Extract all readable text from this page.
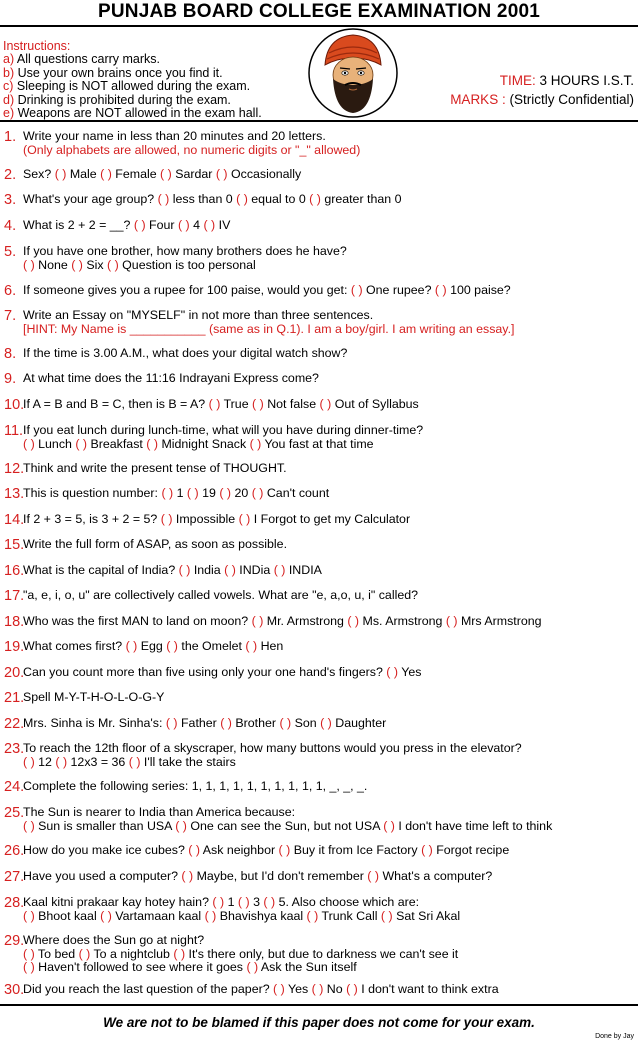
PUNJAB BOARD COLLEGE EXAMINATION 2001
Instructions:
a) All questions carry marks.
b) Use your own brains once you find it.
c) Sleeping is NOT allowed during the exam.
d) Drinking is prohibited during the exam.
e) Weapons are NOT allowed in the exam hall.
TIME: 3 HOURS I.S.T.
MARKS : (Strictly Confidential)
1. Write your name in less than 20 minutes and 20 letters.
(Only alphabets are allowed, no numeric digits or "_" allowed)
2. Sex? ( ) Male ( ) Female ( ) Sardar ( ) Occasionally
3. What's your age group? ( ) less than 0 ( ) equal to 0 ( ) greater than 0
4. What is 2 + 2 = __? ( ) Four ( ) 4 ( ) IV
5. If you have one brother, how many brothers does he have?
( ) None ( ) Six ( ) Question is too personal
6. If someone gives you a rupee for 100 paise, would you get: ( ) One rupee? ( ) 100 paise?
7. Write an Essay on "MYSELF" in not more than three sentences.
[HINT: My Name is ___________ (same as in Q.1). I am a boy/girl. I am writing an essay.]
8. If the time is 3.00 A.M., what does your digital watch show?
9. At what time does the 11:16 Indrayani Express come?
10.If A = B and B = C, then is B = A? ( ) True ( ) Not false ( ) Out of Syllabus
11.If you eat lunch during lunch-time, what will you have during dinner-time?
( ) Lunch ( ) Breakfast ( ) Midnight Snack ( ) You fast at that time
12.Think and write the present tense of THOUGHT.
13.This is question number: ( ) 1 ( ) 19 ( ) 20 ( ) Can't count
14.If 2 + 3 = 5, is 3 + 2 = 5? ( ) Impossible ( ) I Forgot to get my Calculator
15.Write the full form of ASAP, as soon as possible.
16.What is the capital of India? ( ) India ( ) INDia ( ) INDIA
17."a, e, i, o, u" are collectively called vowels. What are "e, a,o, u, i" called?
18.Who was the first MAN to land on moon? ( ) Mr. Armstrong ( ) Ms. Armstrong ( ) Mrs Armstrong
19.What comes first? ( ) Egg ( ) the Omelet ( ) Hen
20.Can you count more than five using only your one hand's fingers? ( ) Yes
21.Spell M-Y-T-H-O-L-O-G-Y
22.Mrs. Sinha is Mr. Sinha's: ( ) Father ( ) Brother ( ) Son ( ) Daughter
23.To reach the 12th floor of a skyscraper, how many buttons would you press in the elevator?
( ) 12 ( ) 12x3 = 36 ( ) I'll take the stairs
24.Complete the following series: 1, 1, 1, 1, 1, 1, 1, 1, 1, 1, _, _, _.
25.The Sun is nearer to India than America because:
( ) Sun is smaller than USA ( ) One can see the Sun, but not USA ( ) I don't have time left to think
26.How do you make ice cubes? ( ) Ask neighbor ( ) Buy it from Ice Factory ( ) Forgot recipe
27.Have you used a computer? ( ) Maybe, but I'd don't remember ( ) What's a computer?
28.Kaal kitni prakaar kay hotey hain? ( ) 1 ( ) 3 ( ) 5. Also choose which are:
( ) Bhoot kaal ( ) Vartamaan kaal ( ) Bhavishya kaal ( ) Trunk Call ( ) Sat Sri Akal
29.Where does the Sun go at night?
( ) To bed ( ) To a nightclub ( ) It's there only, but due to darkness we can't see it
( ) Haven't followed to see where it goes ( ) Ask the Sun itself
30.Did you reach the last question of the paper? ( ) Yes ( ) No ( ) I don't want to think extra
We are not to be blamed if this paper does not come for your exam.
Done by Jay
